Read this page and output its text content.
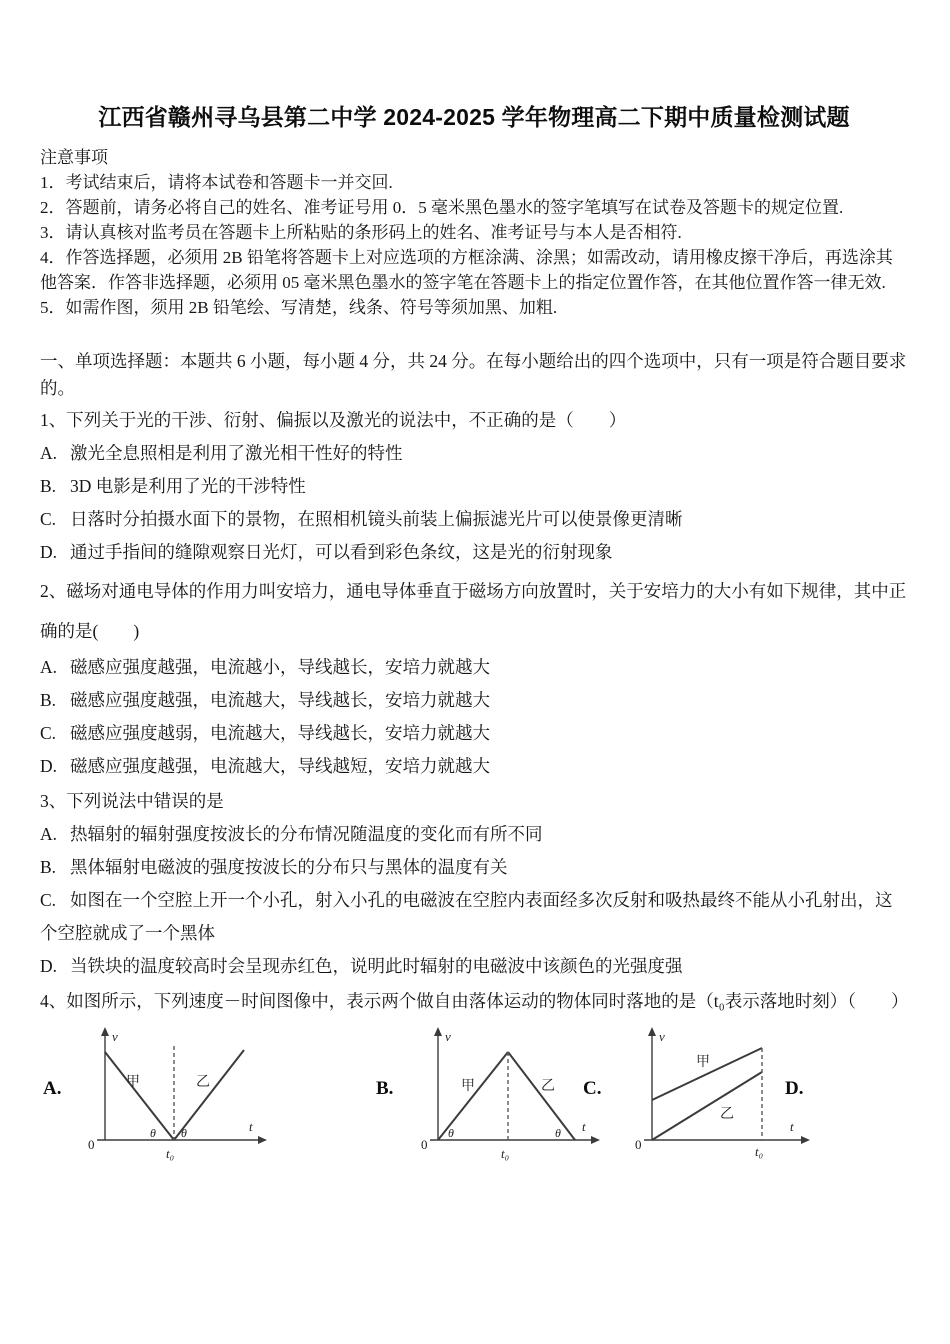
江西省赣州寻乌县第二中学 2024-2025 学年物理高二下期中质量检测试题

注意事项

1．考试结束后，请将本试卷和答题卡一并交回.

2．答题前，请务必将自己的姓名、准考证号用 0．5 毫米黑色墨水的签字笔填写在试卷及答题卡的规定位置.

3．请认真核对监考员在答题卡上所粘贴的条形码上的姓名、准考证号与本人是否相符.

4．作答选择题，必须用 2B 铅笔将答题卡上对应选项的方框涂满、涂黑；如需改动，请用橡皮擦干净后，再选涂其他答案．作答非选择题，必须用 05 毫米黑色墨水的签字笔在答题卡上的指定位置作答，在其他位置作答一律无效.

5．如需作图，须用 2B 铅笔绘、写清楚，线条、符号等须加黑、加粗.

一、单项选择题：本题共 6 小题，每小题 4 分，共 24 分。在每小题给出的四个选项中，只有一项是符合题目要求的。

1、下列关于光的干涉、衍射、偏振以及激光的说法中，不正确的是（　　）

A. 激光全息照相是利用了激光相干性好的特性

B. 3D 电影是利用了光的干涉特性

C. 日落时分拍摄水面下的景物，在照相机镜头前装上偏振滤光片可以使景像更清晰

D. 通过手指间的缝隙观察日光灯，可以看到彩色条纹，这是光的衍射现象

2、磁场对通电导体的作用力叫安培力，通电导体垂直于磁场方向放置时，关于安培力的大小有如下规律，其中正确的是(　　)

A. 磁感应强度越强，电流越小，导线越长，安培力就越大

B. 磁感应强度越强，电流越大，导线越长，安培力就越大

C. 磁感应强度越弱，电流越大，导线越长，安培力就越大

D. 磁感应强度越强，电流越大，导线越短，安培力就越大

3、下列说法中错误的是

A. 热辐射的辐射强度按波长的分布情况随温度的变化而有所不同

B. 黑体辐射电磁波的强度按波长的分布只与黑体的温度有关

C. 如图在一个空腔上开一个小孔，射入小孔的电磁波在空腔内表面经多次反射和吸热最终不能从小孔射出，这个空腔就成了一个黑体

D. 当铁块的温度较高时会呈现赤红色，说明此时辐射的电磁波中该颜色的光强度强

4、如图所示，下列速度－时间图像中，表示两个做自由落体运动的物体同时落地的是（t₀表示落地时刻）（　　）

A.
v
t
0
t₀
甲	乙
θ θ
B.
v
t
0
t₀
甲	乙
θ	θ
C.
v
t
0	t₀
甲
乙
D.
